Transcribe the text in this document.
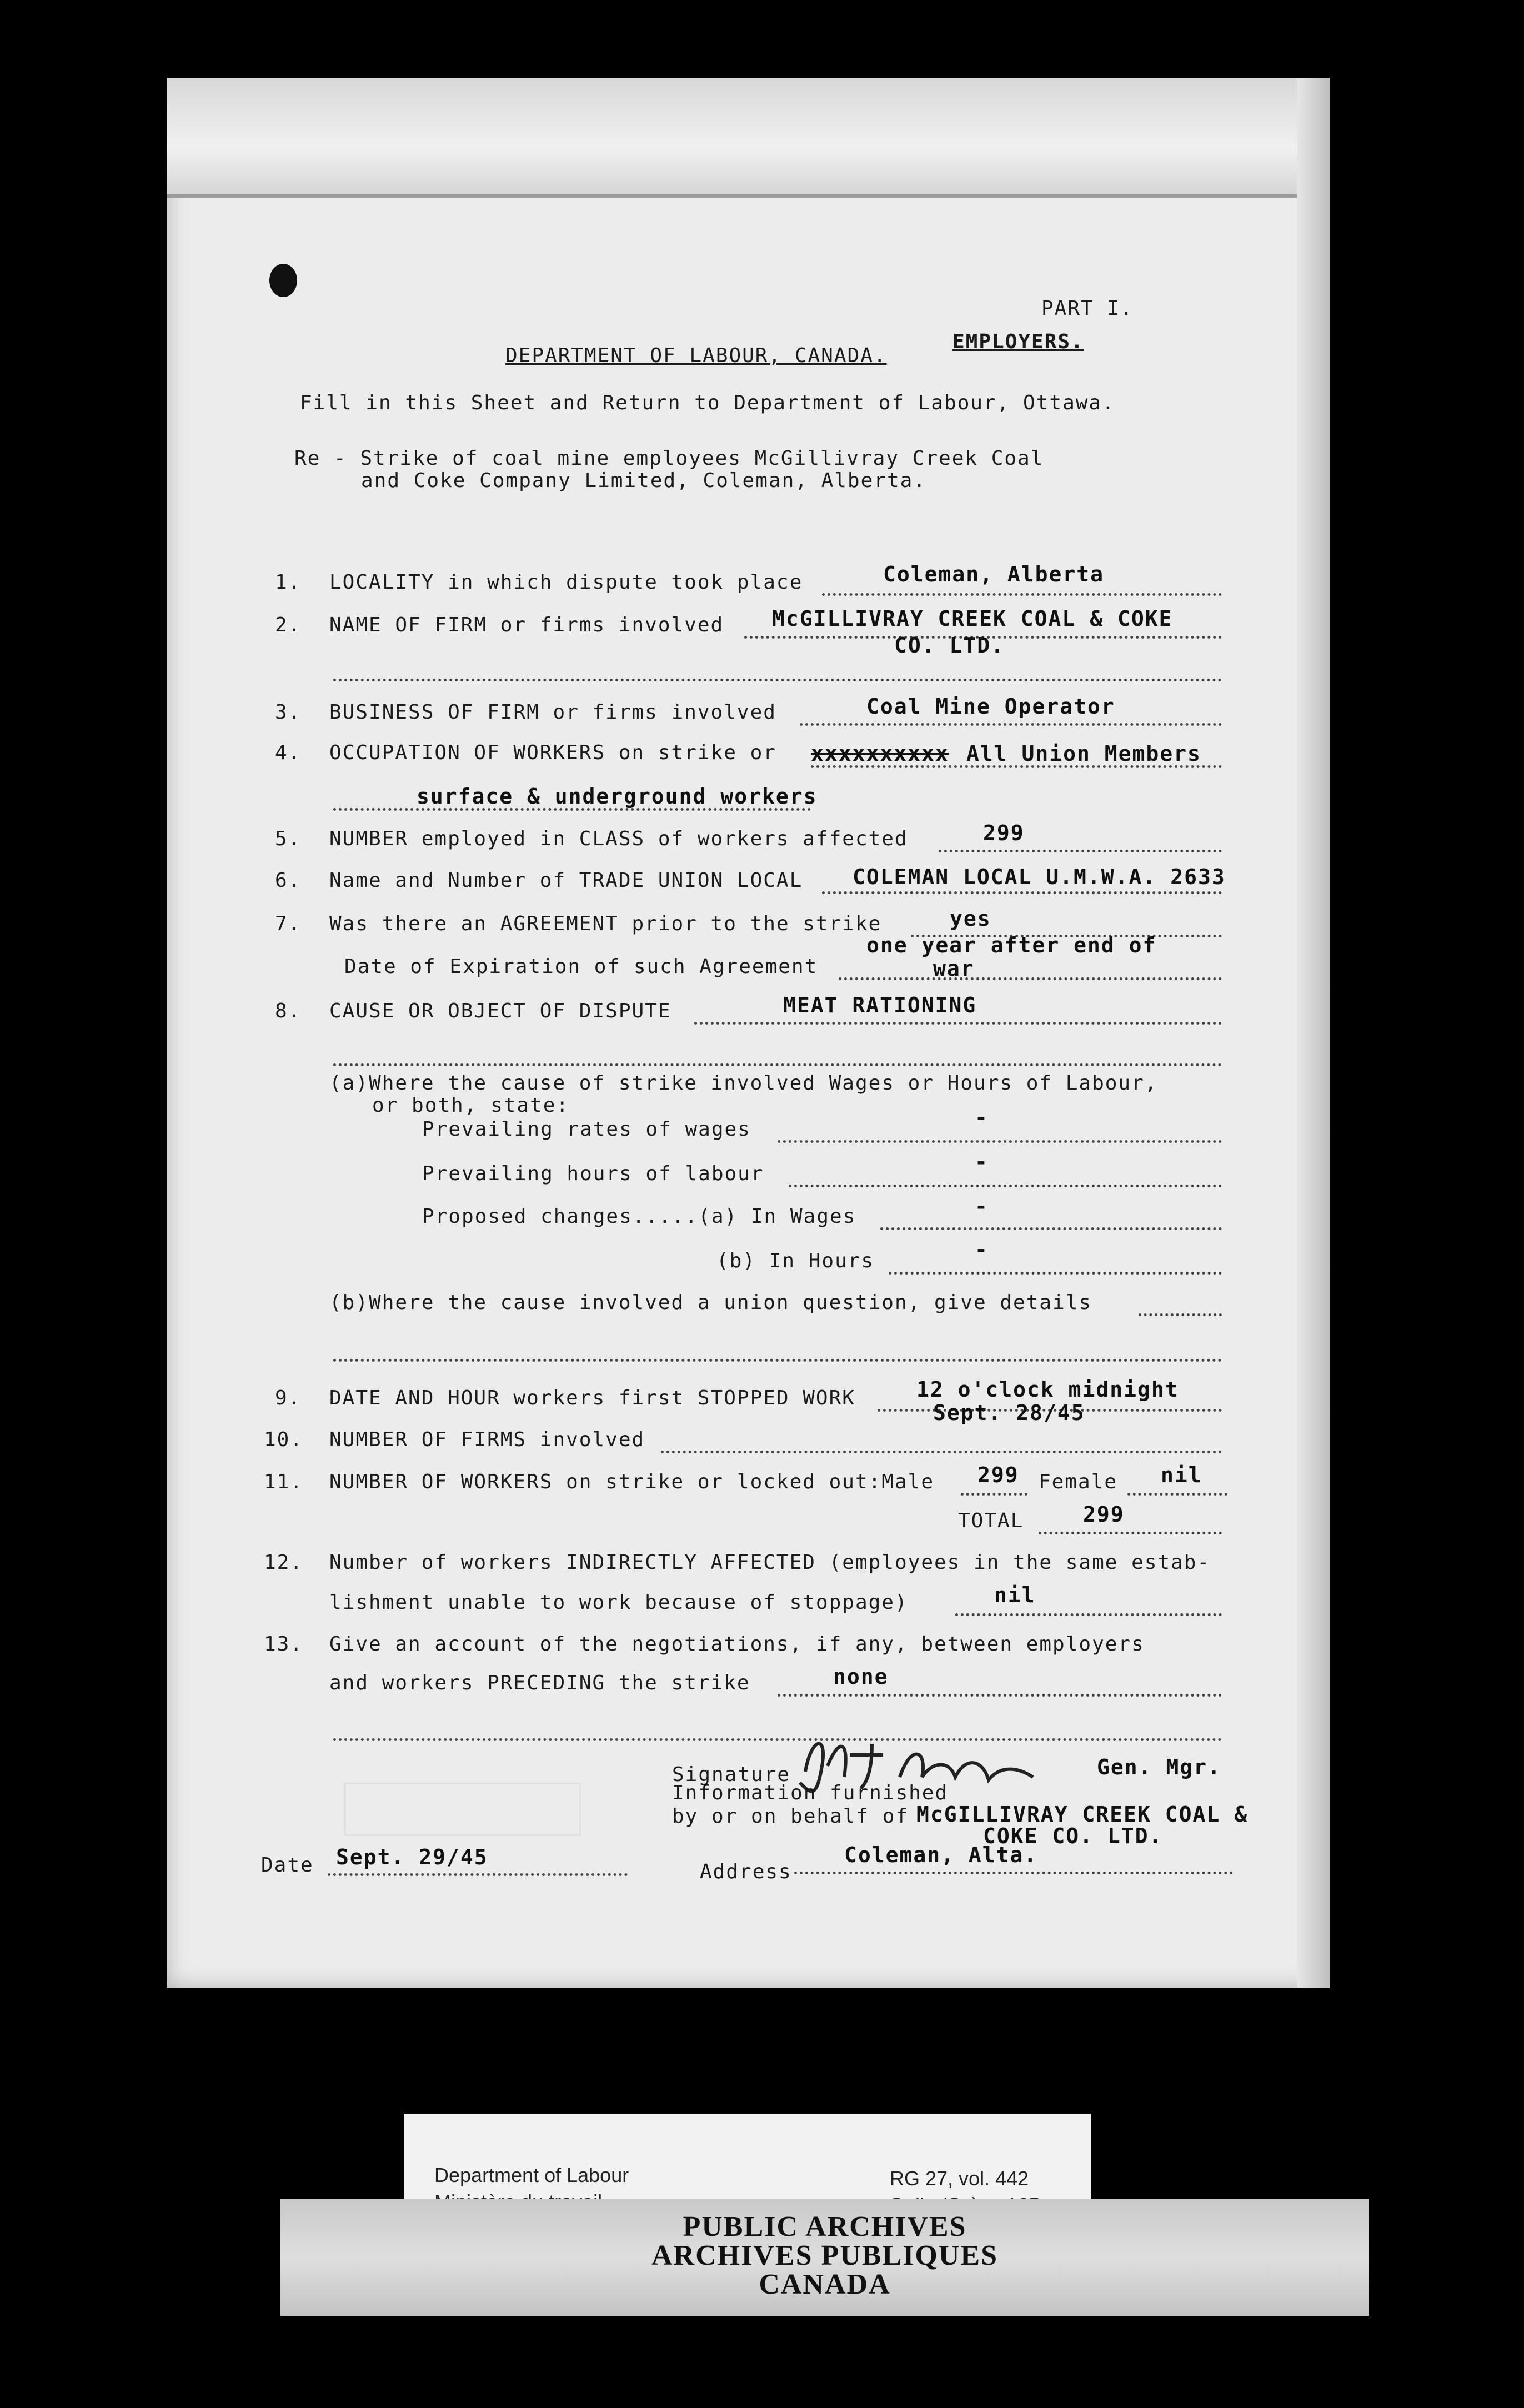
PART I.
DEPARTMENT OF LABOUR, CANADA.
EMPLOYERS.
Fill in this Sheet and Return to Department of Labour, Ottawa.
Re - Strike of coal mine employees McGillivray Creek Coal
and Coke Company Limited, Coleman, Alberta.
1. LOCALITY in which dispute took place	Coleman, Alberta
2. NAME OF FIRM or firms involved McGILLIVRAY CREEK COAL & COKE
CO. LTD.
3. BUSINESS OF FIRM or firms involved	Coal Mine Operator
4. OCCUPATION OF WORKERS on strike or xxxxxxxxxx All Union Members
surface & underground workers
5. NUMBER employed in CLASS of workers affected	299
6. Name and Number of TRADE UNION LOCAL COLEMAN LOCAL U.M.W.A. 2633
7. Was there an AGREEMENT prior to the strike	yes
Date of Expiration of such Agreement
one year after end of
war
8. CAUSE OR OBJECT OF DISPUTE	MEAT RATIONING
(a)Where the cause of strike involved Wages or Hours of Labour,
or both, state:
Prevailing rates of wages	-
Prevailing hours of labour	-
Proposed changes.....(a) In Wages	-
(b) In Hours	-
(b)Where the cause involved a union question, give details
9. DATE AND HOUR workers first STOPPED WORK	12 o'clock midnight
Sept. 28/45
10. NUMBER OF FIRMS involved
11. NUMBER OF WORKERS on strike or locked out:Male 299 Female nil
TOTAL	299
12. Number of workers INDIRECTLY AFFECTED (employees in the same estab-
lishment unable to work because of stoppage)	nil
13. Give an account of the negotiations, if any, between employers
and workers PRECEDING the strike	none
Signature	Gen. Mgr.
Information furnished
by or on behalf of McGILLIVRAY CREEK COAL &
COKE CO. LTD.
Date Sept. 29/45
Address
Coleman, Alta.
Department of Labour	RG 27, vol. 442
PUBLIC ARCHIVES
ARCHIVES PUBLIQUES
CANADA
